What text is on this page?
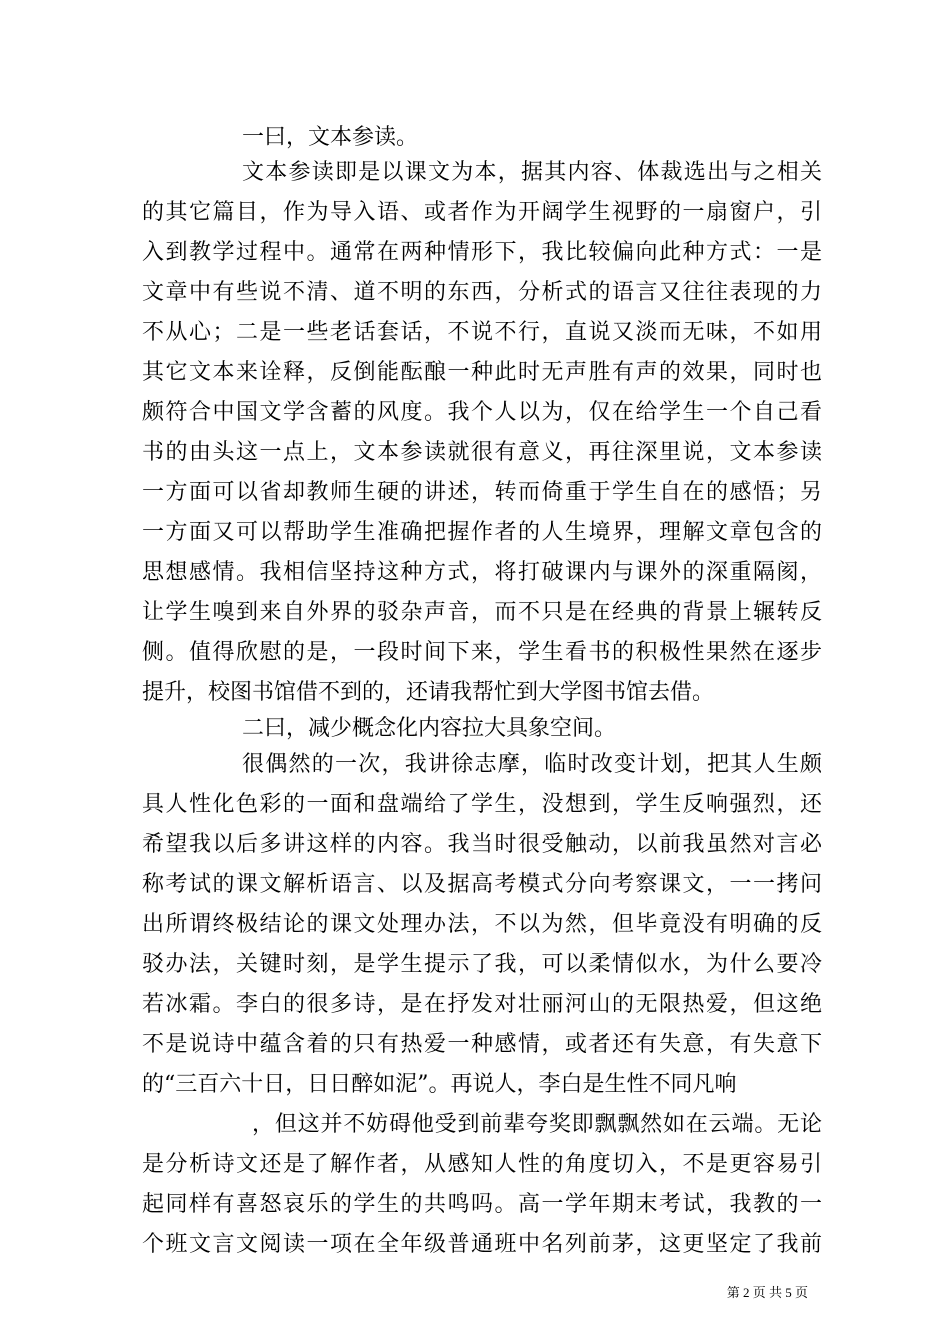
一曰，文本参读。
文本参读即是以课文为本，据其内容、体裁选出与之相关
的其它篇目，作为导入语、或者作为开阔学生视野的一扇窗户，引
入到教学过程中。通常在两种情形下，我比较偏向此种方式：一是
文章中有些说不清、道不明的东西，分析式的语言又往往表现的力
不从心；二是一些老话套话，不说不行，直说又淡而无味，不如用
其它文本来诠释，反倒能酝酿一种此时无声胜有声的效果，同时也
颇符合中国文学含蓄的风度。我个人以为，仅在给学生一个自己看
书的由头这一点上，文本参读就很有意义，再往深里说，文本参读
一方面可以省却教师生硬的讲述，转而倚重于学生自在的感悟；另
一方面又可以帮助学生准确把握作者的人生境界，理解文章包含的
思想感情。我相信坚持这种方式，将打破课内与课外的深重隔阂，
让学生嗅到来自外界的驳杂声音，而不只是在经典的背景上辗转反
侧。值得欣慰的是，一段时间下来，学生看书的积极性果然在逐步
提升，校图书馆借不到的，还请我帮忙到大学图书馆去借。
二曰，减少概念化内容拉大具象空间。
很偶然的一次，我讲徐志摩，临时改变计划，把其人生颇
具人性化色彩的一面和盘端给了学生，没想到，学生反响强烈，还
希望我以后多讲这样的内容。我当时很受触动，以前我虽然对言必
称考试的课文解析语言、以及据高考模式分向考察课文，一一拷问
出所谓终极结论的课文处理办法，不以为然，但毕竟没有明确的反
驳办法，关键时刻，是学生提示了我，可以柔情似水，为什么要冷
若冰霜。李白的很多诗，是在抒发对壮丽河山的无限热爱，但这绝
不是说诗中蕴含着的只有热爱一种感情，或者还有失意，有失意下
的“三百六十日，日日醉如泥”。再说人，李白是生性不同凡响
，但这并不妨碍他受到前辈夸奖即飘飘然如在云端。无论
是分析诗文还是了解作者，从感知人性的角度切入，不是更容易引
起同样有喜怒哀乐的学生的共鸣吗。高一学年期末考试，我教的一
个班文言文阅读一项在全年级普通班中名列前茅，这更坚定了我前
第 2 页 共 5 页
